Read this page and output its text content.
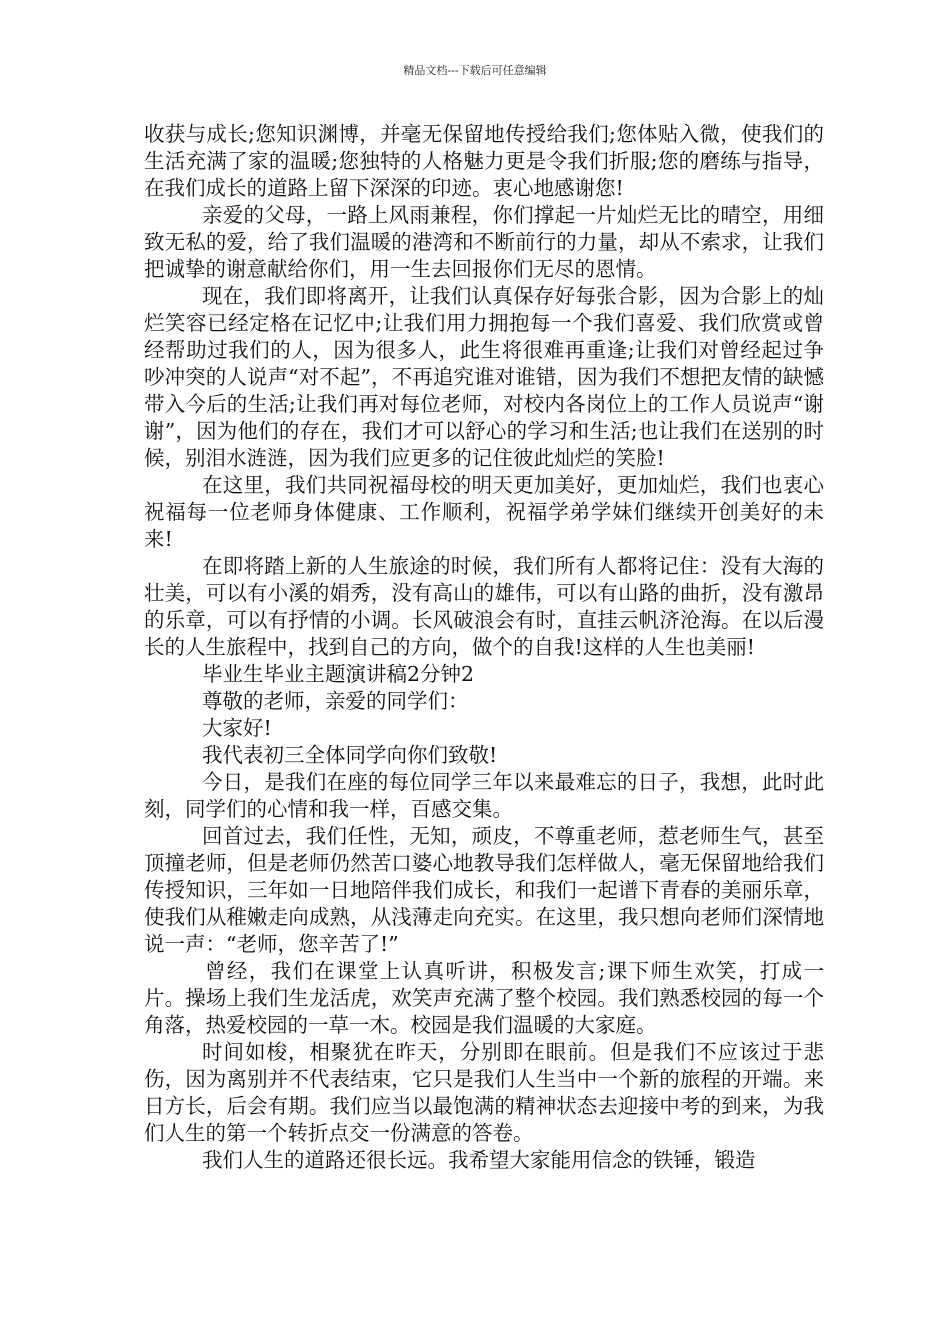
精品文档---下载后可任意编辑

收获与成长;您知识渊博，并毫无保留地传授给我们;您体贴入微，使我们的生活充满了家的温暖;您独特的人格魅力更是令我们折服;您的磨练与指导，在我们成长的道路上留下深深的印迹。衷心地感谢您!

亲爱的父母，一路上风雨兼程，你们撑起一片灿烂无比的晴空，用细致无私的爱，给了我们温暖的港湾和不断前行的力量，却从不索求，让我们把诚挚的谢意献给你们，用一生去回报你们无尽的恩情。

现在，我们即将离开，让我们认真保存好每张合影，因为合影上的灿烂笑容已经定格在记忆中;让我们用力拥抱每一个我们喜爱、我们欣赏或曾经帮助过我们的人，因为很多人，此生将很难再重逢;让我们对曾经起过争吵冲突的人说声“对不起”，不再追究谁对谁错，因为我们不想把友情的缺憾带入今后的生活;让我们再对每位老师，对校内各岗位上的工作人员说声“谢谢”，因为他们的存在，我们才可以舒心的学习和生活;也让我们在送别的时候，别泪水涟涟，因为我们应更多的记住彼此灿烂的笑脸!

在这里，我们共同祝福母校的明天更加美好，更加灿烂，我们也衷心祝福每一位老师身体健康、工作顺利，祝福学弟学妹们继续开创美好的未来!

在即将踏上新的人生旅途的时候，我们所有人都将记住：没有大海的壮美，可以有小溪的娟秀，没有高山的雄伟，可以有山路的曲折，没有激昂的乐章，可以有抒情的小调。长风破浪会有时，直挂云帆济沧海。在以后漫长的人生旅程中，找到自己的方向，做个的自我!这样的人生也美丽!

毕业生毕业主题演讲稿2分钟2

尊敬的老师，亲爱的同学们：

大家好!

我代表初三全体同学向你们致敬!

今日，是我们在座的每位同学三年以来最难忘的日子，我想，此时此刻，同学们的心情和我一样，百感交集。

回首过去，我们任性，无知，顽皮，不尊重老师，惹老师生气，甚至顶撞老师，但是老师仍然苦口婆心地教导我们怎样做人，毫无保留地给我们传授知识，三年如一日地陪伴我们成长，和我们一起谱下青春的美丽乐章，使我们从稚嫩走向成熟，从浅薄走向充实。在这里，我只想向老师们深情地说一声：“老师，您辛苦了!”

曾经，我们在课堂上认真听讲，积极发言;课下师生欢笑，打成一片。操场上我们生龙活虎，欢笑声充满了整个校园。我们熟悉校园的每一个角落，热爱校园的一草一木。校园是我们温暖的大家庭。

时间如梭，相聚犹在昨天，分别即在眼前。但是我们不应该过于悲伤，因为离别并不代表结束，它只是我们人生当中一个新的旅程的开端。来日方长，后会有期。我们应当以最饱满的精神状态去迎接中考的到来，为我们人生的第一个转折点交一份满意的答卷。

我们人生的道路还很长远。我希望大家能用信念的铁锤，锻造
